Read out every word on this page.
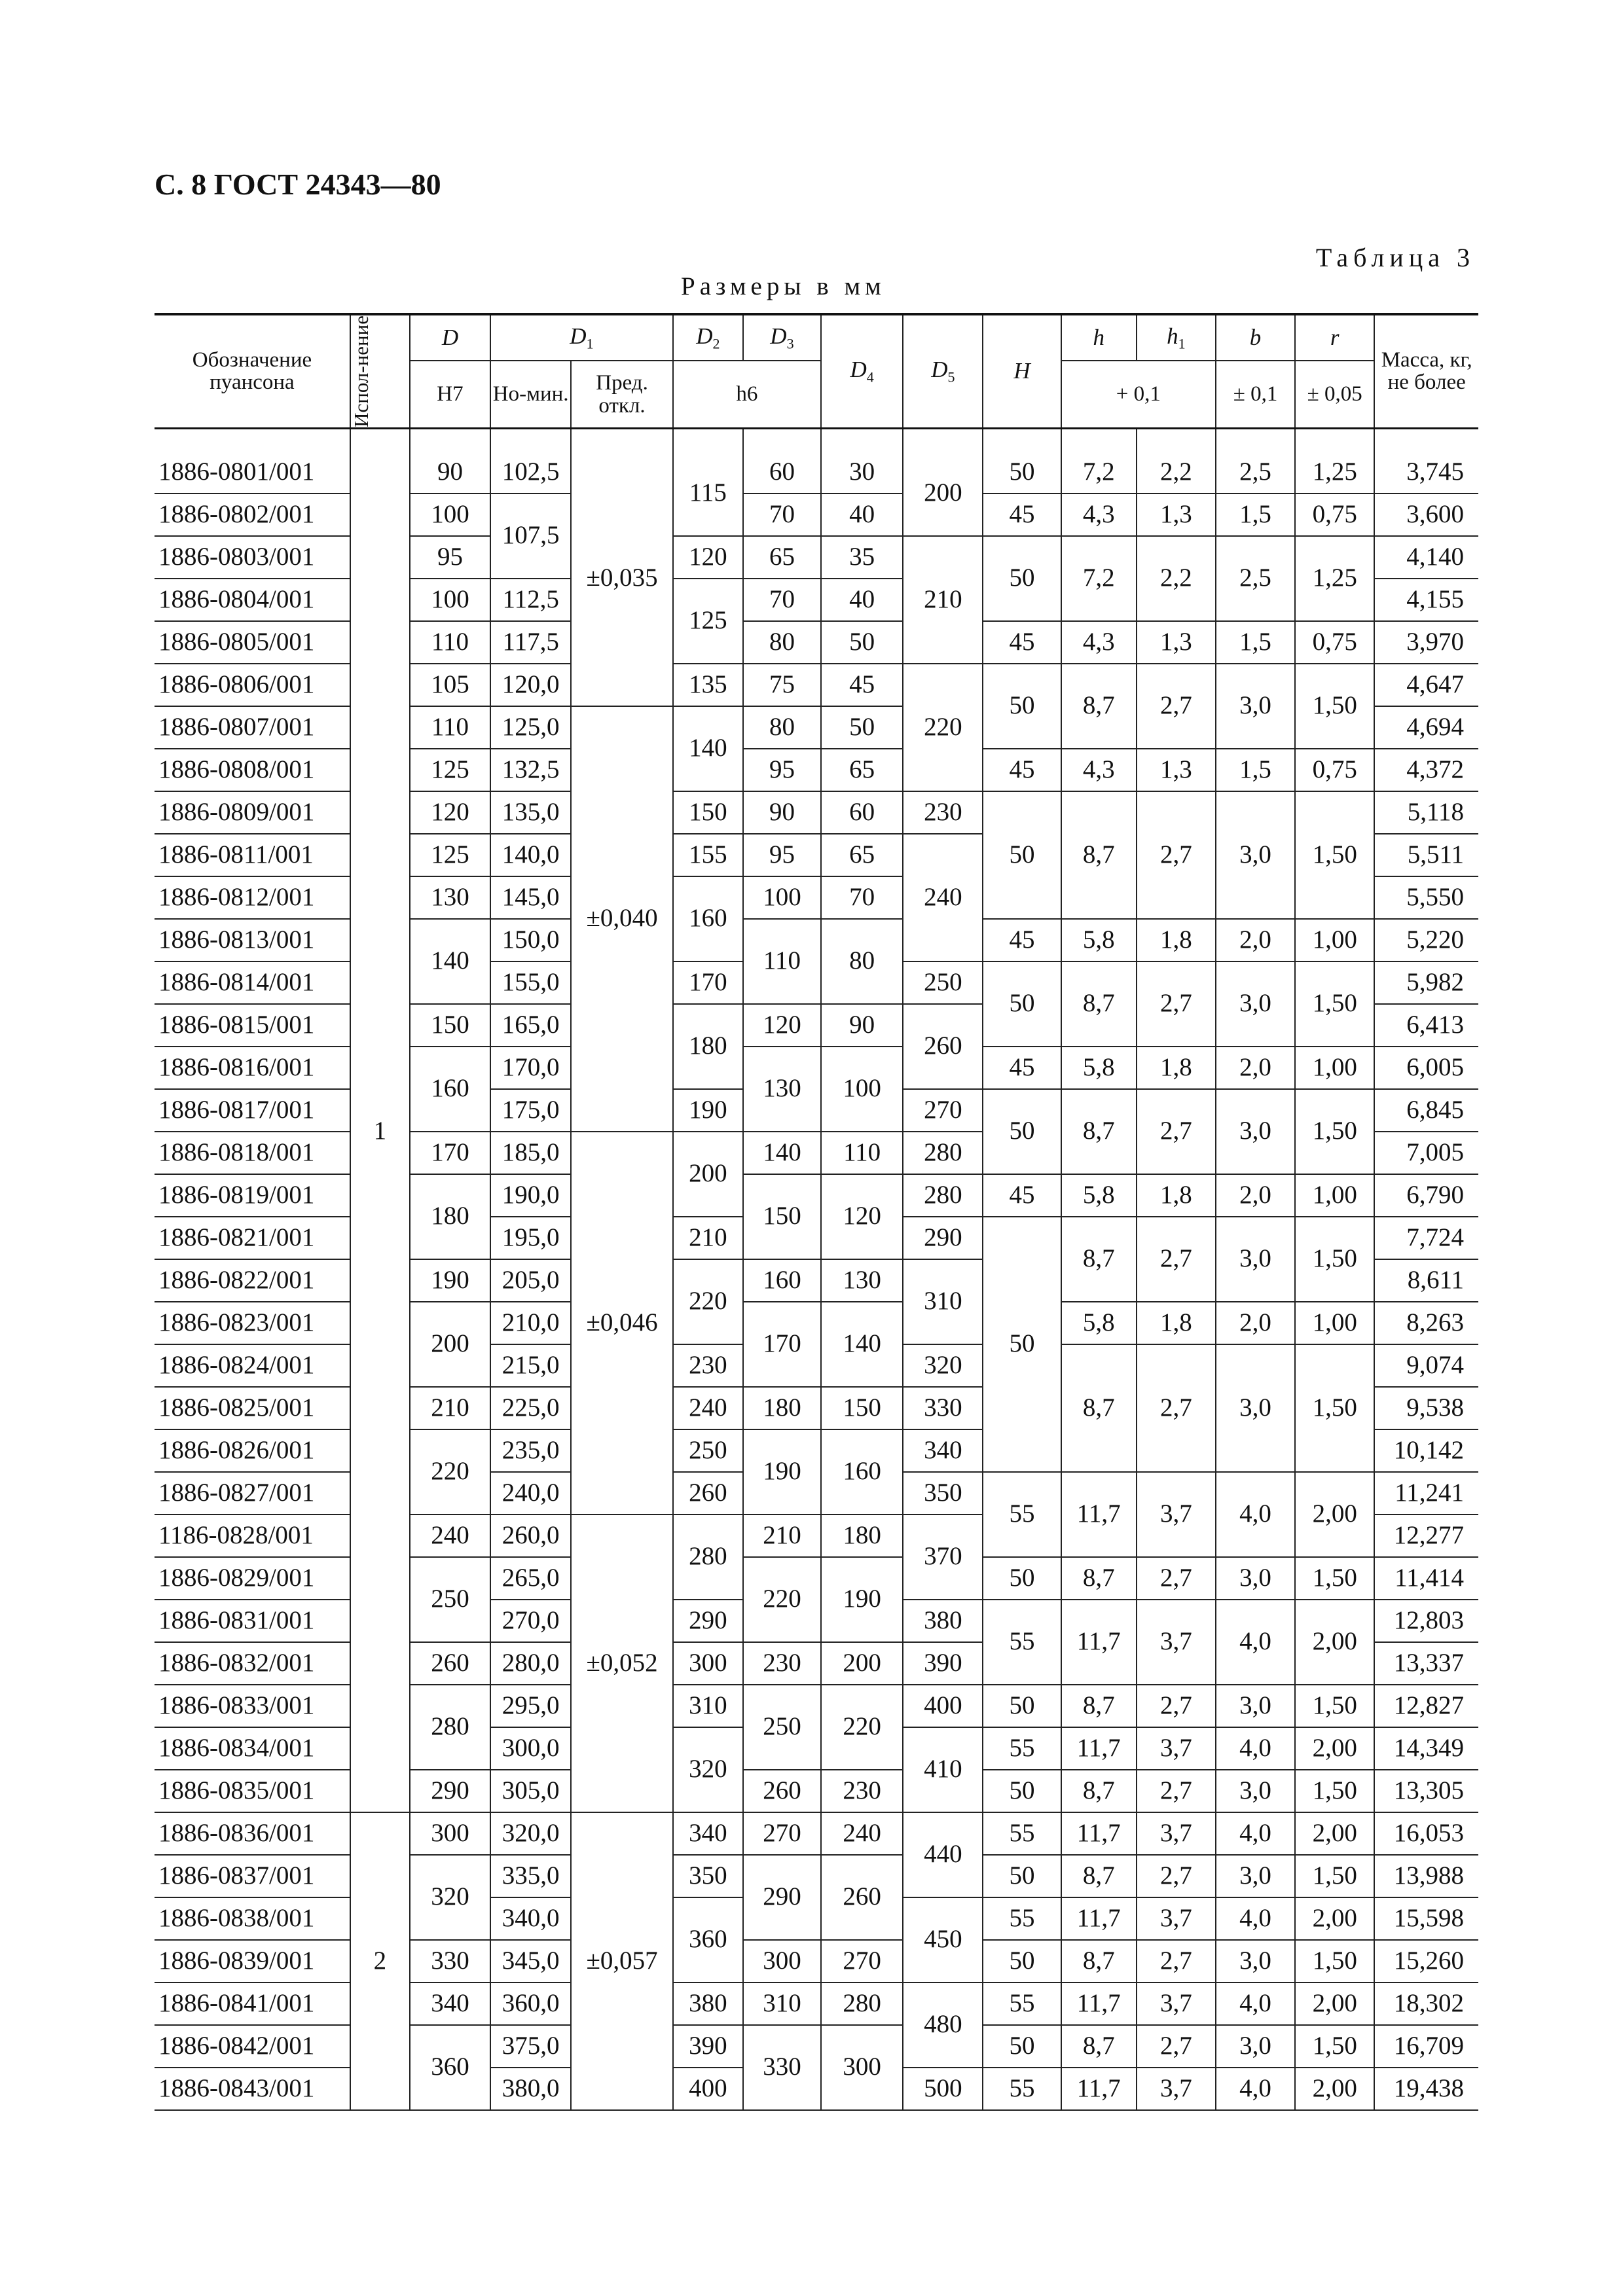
С. 8 ГОСТ 24343—80
Таблица 3
Размеры в мм
Обозначение пуансона	Испол-нение	D	$D_1$		$D_2$	$D_3$	$D_4$	$D_5$	H	h	$h_1$	b	r	Масса, кг, не более
		H7	Но-мин.	Пред. откл.	h6					+ 0,1		± 0,1	± 0,05	

1886-0801/001	1	90	102,5	±0,035	115	60	30	200	50	7,2	2,2	2,5	1,25	3,745
1886-0802/001		100	107,5			70	40		45	4,3	1,3	1,5	0,75	3,600
1886-0803/001		95			120	65	35	210	50	7,2	2,2	2,5	1,25	4,140
1886-0804/001		100	112,5		125	70	40							4,155
1886-0805/001		110	117,5			80	50		45	4,3	1,3	1,5	0,75	3,970
1886-0806/001		105	120,0		135	75	45	220	50	8,7	2,7	3,0	1,50	4,647
1886-0807/001		110	125,0	±0,040	140	80	50							4,694
1886-0808/001		125	132,5			95	65		45	4,3	1,3	1,5	0,75	4,372
1886-0809/001		120	135,0		150	90	60	230	50	8,7	2,7	3,0	1,50	5,118
1886-0811/001		125	140,0		155	95	65	240						5,511
1886-0812/001		130	145,0		160	100	70							5,550
1886-0813/001		140	150,0			110	80		45	5,8	1,8	2,0	1,00	5,220
1886-0814/001			155,0		170			250	50	8,7	2,7	3,0	1,50	5,982
1886-0815/001		150	165,0		180	120	90	260						6,413
1886-0816/001		160	170,0			130	100		45	5,8	1,8	2,0	1,00	6,005
1886-0817/001			175,0		190			270	50	8,7	2,7	3,0	1,50	6,845
1886-0818/001		170	185,0	±0,046	200	140	110	280						7,005
1886-0819/001		180	190,0			150	120	280	45	5,8	1,8	2,0	1,00	6,790
1886-0821/001			195,0		210			290	50	8,7	2,7	3,0	1,50	7,724
1886-0822/001		190	205,0		220	160	130	310						8,611
1886-0823/001		200	210,0			170	140			5,8	1,8	2,0	1,00	8,263
1886-0824/001			215,0		230			320		8,7	2,7	3,0	1,50	9,074
1886-0825/001		210	225,0		240	180	150	330						9,538
1886-0826/001		220	235,0		250	190	160	340						10,142
1886-0827/001			240,0		260			350	55	11,7	3,7	4,0	2,00	11,241
1186-0828/001		240	260,0	±0,052	280	210	180	370						12,277
1886-0829/001		250	265,0			220	190		50	8,7	2,7	3,0	1,50	11,414
1886-0831/001			270,0		290			380	55	11,7	3,7	4,0	2,00	12,803
1886-0832/001		260	280,0		300	230	200	390						13,337
1886-0833/001		280	295,0		310	250	220	400	50	8,7	2,7	3,0	1,50	12,827
1886-0834/001			300,0		320			410	55	11,7	3,7	4,0	2,00	14,349
1886-0835/001		290	305,0			260	230		50	8,7	2,7	3,0	1,50	13,305
1886-0836/001	2	300	320,0	±0,057	340	270	240	440	55	11,7	3,7	4,0	2,00	16,053
1886-0837/001		320	335,0		350	290	260		50	8,7	2,7	3,0	1,50	13,988
1886-0838/001			340,0		360			450	55	11,7	3,7	4,0	2,00	15,598
1886-0839/001		330	345,0			300	270		50	8,7	2,7	3,0	1,50	15,260
1886-0841/001		340	360,0		380	310	280	480	55	11,7	3,7	4,0	2,00	18,302
1886-0842/001		360	375,0		390	330	300		50	8,7	2,7	3,0	1,50	16,709
1886-0843/001			380,0		400			500	55	11,7	3,7	4,0	2,00	19,438
